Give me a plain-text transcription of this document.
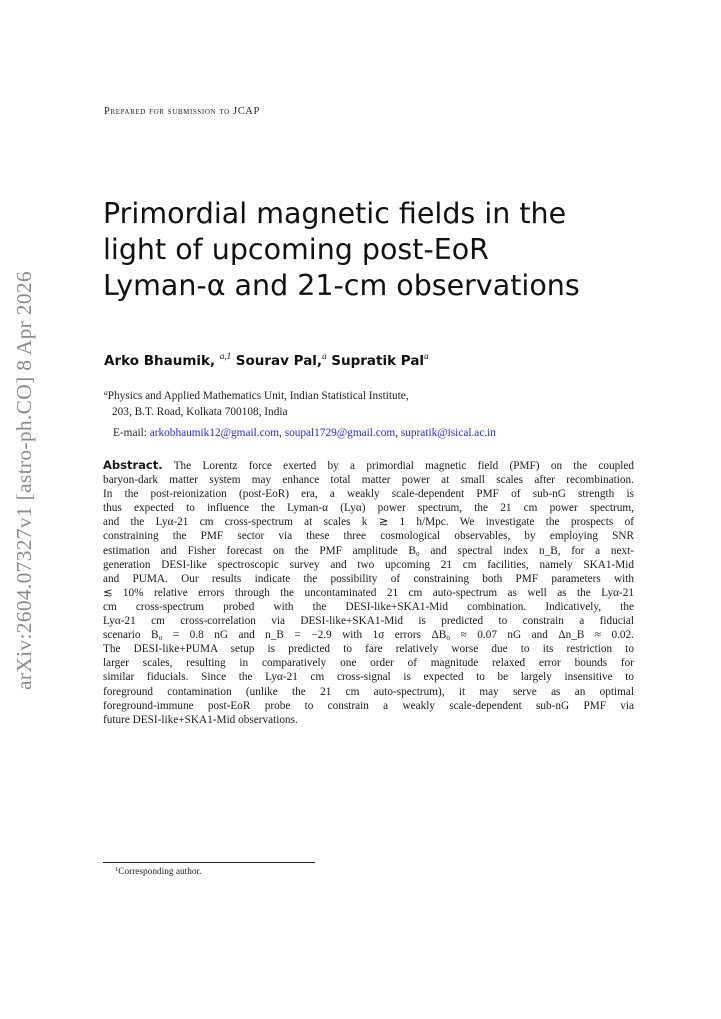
arXiv:2604.07327v1 [astro-ph.CO] 8 Apr 2026
Prepared for submission to JCAP
Primordial magnetic fields in the
light of upcoming post-EoR
Lyman-α and 21-cm observations
Arko Bhaumik, $^{a,1}$ Sourav Pal,$^a$ Supratik Pal$^a$
$^a$Physics and Applied Mathematics Unit, Indian Statistical Institute,
203, B.T. Road, Kolkata 700108, India
E-mail: arkobhaumik12@gmail.com, soupal1729@gmail.com, supratik@isical.ac.in
Abstract. The Lorentz force exerted by a primordial magnetic field (PMF) on the coupled
baryon-dark matter system may enhance total matter power at small scales after recombination.
In the post-reionization (post-EoR) era, a weakly scale-dependent PMF of sub-nG strength is
thus expected to influence the Lyman-α (Lyα) power spectrum, the 21 cm power spectrum,
and the Lyα-21 cm cross-spectrum at scales k ≳ 1 h/Mpc. We investigate the prospects of
constraining the PMF sector via these three cosmological observables, by employing SNR
estimation and Fisher forecast on the PMF amplitude B₀ and spectral index n_B, for a next-
generation DESI-like spectroscopic survey and two upcoming 21 cm facilities, namely SKA1-Mid
and PUMA. Our results indicate the possibility of constraining both PMF parameters with
≲ 10% relative errors through the uncontaminated 21 cm auto-spectrum as well as the Lyα-21
cm cross-spectrum probed with the DESI-like+SKA1-Mid combination. Indicatively, the
Lyα-21 cm cross-correlation via DESI-like+SKA1-Mid is predicted to constrain a fiducial
scenario B₀ = 0.8 nG and n_B = −2.9 with 1σ errors ΔB₀ ≈ 0.07 nG and Δn_B ≈ 0.02.
The DESI-like+PUMA setup is predicted to fare relatively worse due to its restriction to
larger scales, resulting in comparatively one order of magnitude relaxed error bounds for
similar fiducials. Since the Lyα-21 cm cross-signal is expected to be largely insensitive to
foreground contamination (unlike the 21 cm auto-spectrum), it may serve as an optimal
foreground-immune post-EoR probe to constrain a weakly scale-dependent sub-nG PMF via
future DESI-like+SKA1-Mid observations.
$^1$Corresponding author.
